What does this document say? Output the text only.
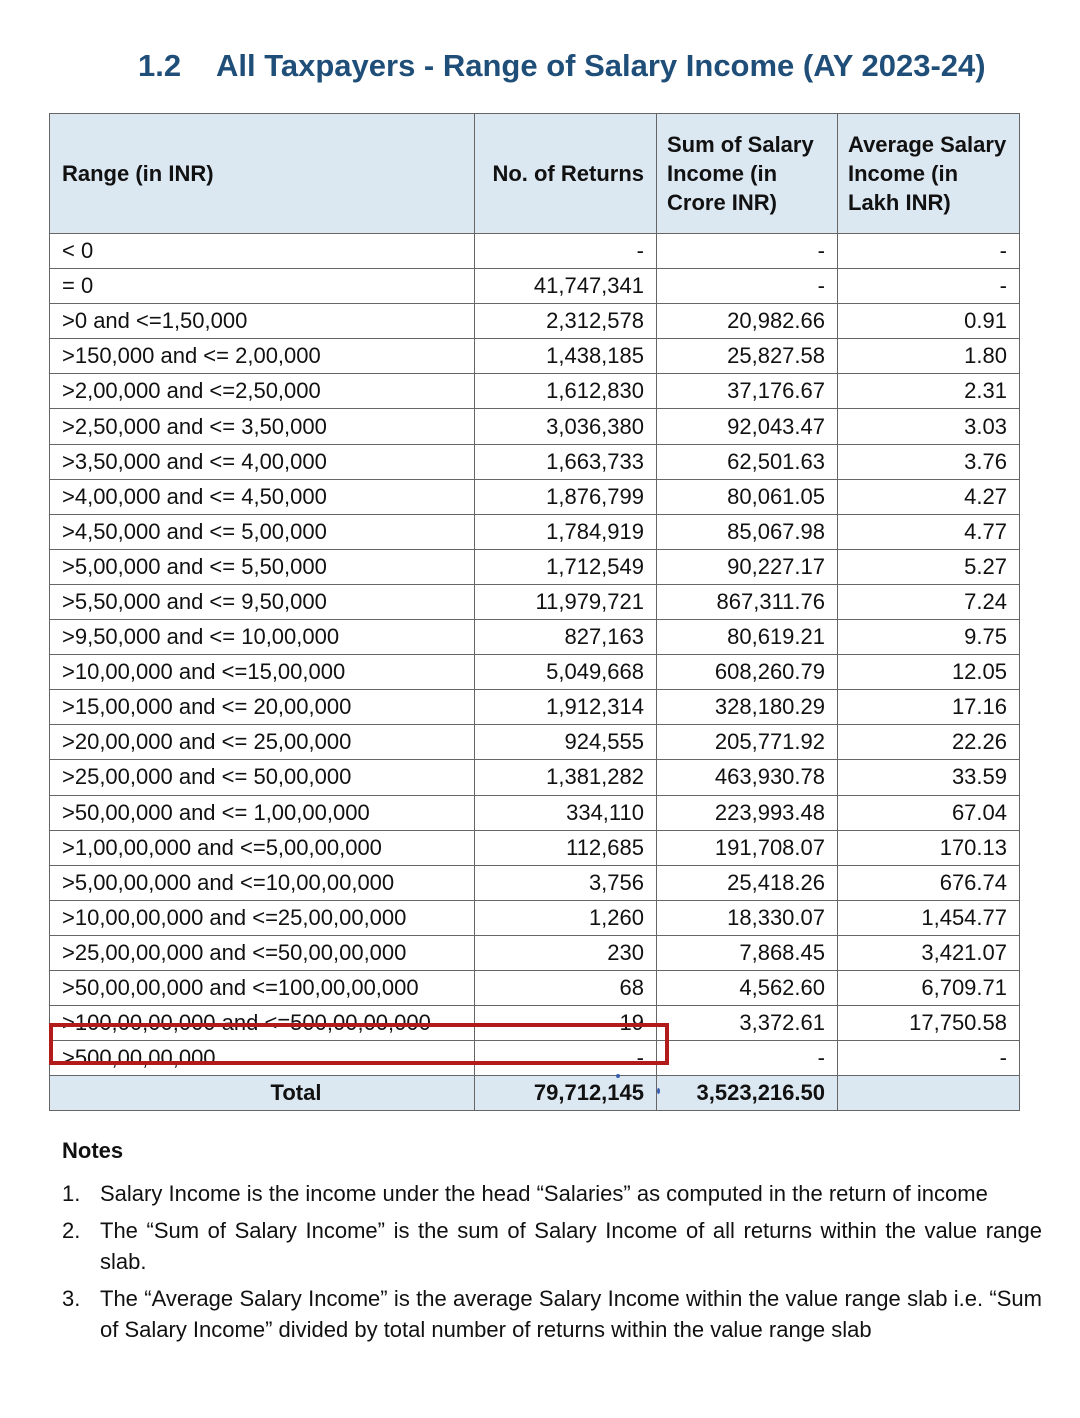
1.2 All Taxpayers - Range of Salary Income (AY 2023-24)
Range (in INR)	No. of Returns	Sum of Salary Income (in Crore INR)	Average Salary Income (in Lakh INR)
< 0	-	-	-
= 0	41,747,341	-	-
>0 and <=1,50,000	2,312,578	20,982.66	0.91
>150,000 and <= 2,00,000	1,438,185	25,827.58	1.80
>2,00,000 and <=2,50,000	1,612,830	37,176.67	2.31
>2,50,000 and <= 3,50,000	3,036,380	92,043.47	3.03
>3,50,000 and <= 4,00,000	1,663,733	62,501.63	3.76
>4,00,000 and <= 4,50,000	1,876,799	80,061.05	4.27
>4,50,000 and <= 5,00,000	1,784,919	85,067.98	4.77
>5,00,000 and <= 5,50,000	1,712,549	90,227.17	5.27
>5,50,000 and <= 9,50,000	11,979,721	867,311.76	7.24
>9,50,000 and <= 10,00,000	827,163	80,619.21	9.75
>10,00,000 and <=15,00,000	5,049,668	608,260.79	12.05
>15,00,000 and <= 20,00,000	1,912,314	328,180.29	17.16
>20,00,000 and <= 25,00,000	924,555	205,771.92	22.26
>25,00,000 and <= 50,00,000	1,381,282	463,930.78	33.59
>50,00,000 and <= 1,00,00,000	334,110	223,993.48	67.04
>1,00,00,000 and <=5,00,00,000	112,685	191,708.07	170.13
>5,00,00,000 and <=10,00,00,000	3,756	25,418.26	676.74
>10,00,00,000 and <=25,00,00,000	1,260	18,330.07	1,454.77
>25,00,00,000 and <=50,00,00,000	230	7,868.45	3,421.07
>50,00,00,000 and <=100,00,00,000	68	4,562.60	6,709.71
>100,00,00,000 and <=500,00,00,000	19	3,372.61	17,750.58
>500,00,00,000	-	-	-
Total	79,712,145	3,523,216.50	
Notes
1. Salary Income is the income under the head “Salaries” as computed in the return of income
2. The “Sum of Salary Income” is the sum of Salary Income of all returns within the value range slab.
3. The “Average Salary Income” is the average Salary Income within the value range slab i.e. “Sum of Salary Income” divided by total number of returns within the value range slab
